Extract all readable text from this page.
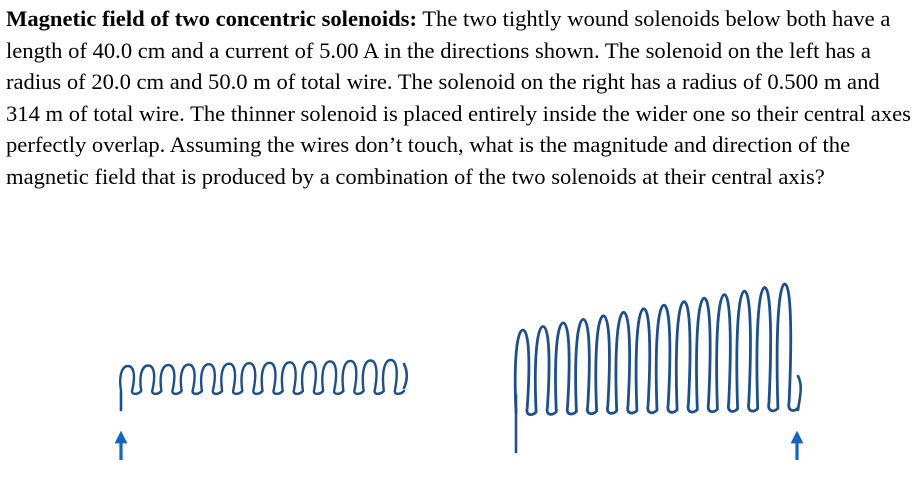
Magnetic field of two concentric solenoids: The two tightly wound solenoids below both have a length of 40.0 cm and a current of 5.00 A in the directions shown. The solenoid on the left has a radius of 20.0 cm and 50.0 m of total wire. The solenoid on the right has a radius of 0.500 m and 314 m of total wire. The thinner solenoid is placed entirely inside the wider one so their central axes perfectly overlap. Assuming the wires don’t touch, what is the magnitude and direction of the magnetic field that is produced by a combination of the two solenoids at their central axis?
